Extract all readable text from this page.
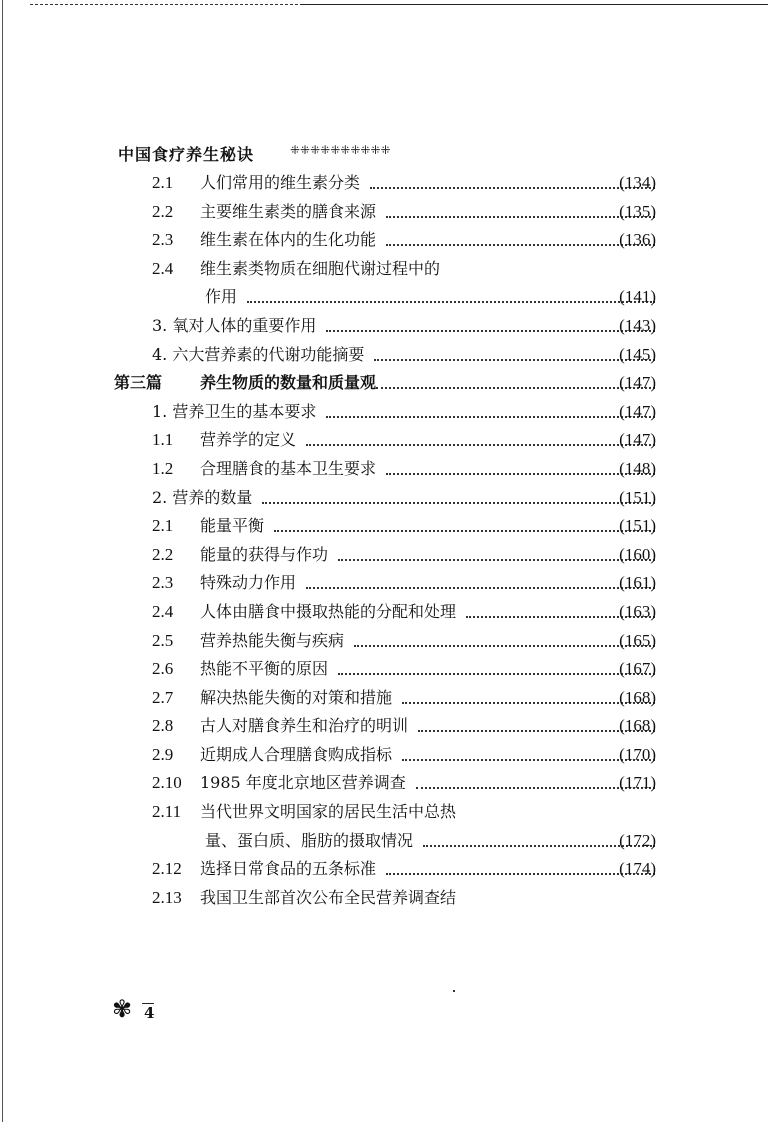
中国食疗养生秘诀	⁜⁜⁜⁜⁜⁜⁜⁜⁜⁜
2.1 人们常用的维生素分类	(134)
2.2 主要维生素类的膳食来源	(135)
2.3 维生素在体内的生化功能	(136)
2.4 维生素类物质在细胞代谢过程中的
作用	(141)
3. 氧对人体的重要作用	(143)
4. 六大营养素的代谢功能摘要	(145)
第三篇 养生物质的数量和质量观	(147)
1. 营养卫生的基本要求	(147)
1.1 营养学的定义	(147)
1.2 合理膳食的基本卫生要求	(148)
2. 营养的数量	(151)
2.1 能量平衡	(151)
2.2 能量的获得与作功	(160)
2.3 特殊动力作用	(161)
2.4 人体由膳食中摄取热能的分配和处理	(163)
2.5 营养热能失衡与疾病	(165)
2.6 热能不平衡的原因	(167)
2.7 解决热能失衡的对策和措施	(168)
2.8 古人对膳食养生和治疗的明训	(168)
2.9 近期成人合理膳食购成指标	(170)
2.10 1985 年度北京地区营养调查	(171)
2.11 当代世界文明国家的居民生活中总热
量、蛋白质、脂肪的摄取情况	(172)
2.12 选择日常食品的五条标准	(174)
2.13 我国卫生部首次公布全民营养调查结
✾ 4
